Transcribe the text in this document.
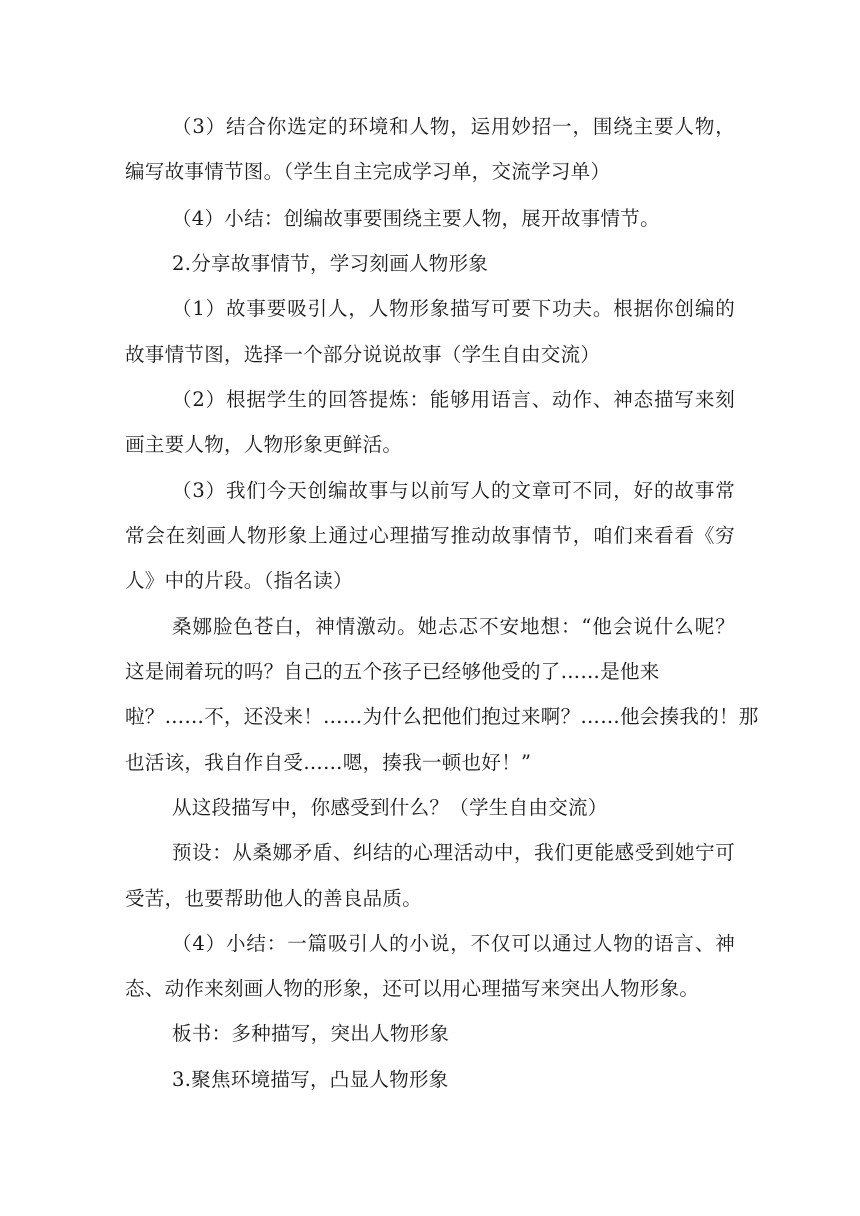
（3）结合你选定的环境和人物，运用妙招一，围绕主要人物，
编写故事情节图。（学生自主完成学习单，交流学习单）
（4）小结：创编故事要围绕主要人物，展开故事情节。
2.分享故事情节，学习刻画人物形象
（1）故事要吸引人，人物形象描写可要下功夫。根据你创编的
故事情节图，选择一个部分说说故事（学生自由交流）
（2）根据学生的回答提炼：能够用语言、动作、神态描写来刻
画主要人物，人物形象更鲜活。
（3）我们今天创编故事与以前写人的文章可不同，好的故事常
常会在刻画人物形象上通过心理描写推动故事情节，咱们来看看《穷
人》中的片段。（指名读）
桑娜脸色苍白，神情激动。她忐忑不安地想：“他会说什么呢？
这是闹着玩的吗？自己的五个孩子已经够他受的了……是他来
啦？……不，还没来！……为什么把他们抱过来啊？……他会揍我的！那
也活该，我自作自受……嗯，揍我一顿也好！”
从这段描写中，你感受到什么？（学生自由交流）
预设：从桑娜矛盾、纠结的心理活动中，我们更能感受到她宁可
受苦，也要帮助他人的善良品质。
（4）小结：一篇吸引人的小说，不仅可以通过人物的语言、神
态、动作来刻画人物的形象，还可以用心理描写来突出人物形象。
板书：多种描写，突出人物形象
3.聚焦环境描写，凸显人物形象
